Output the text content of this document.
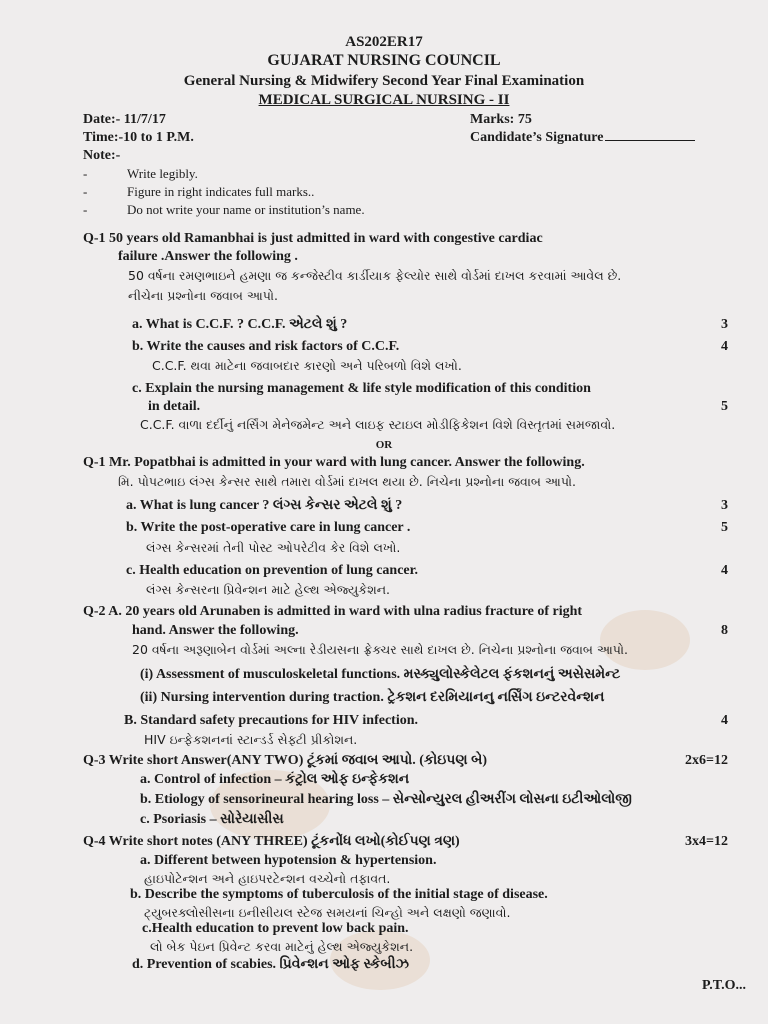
AS202ER17
GUJARAT NURSING COUNCIL
General Nursing & Midwifery Second Year Final Examination
MEDICAL SURGICAL NURSING - II
Date:- 11/7/17	Marks: 75
Time:-10 to 1 P.M.	Candidate’s Signature
Note:-
-	Write legibly.
-	Figure in right indicates full marks..
-	Do not write your name or institution’s name.
Q-1 50 years old Ramanbhai is just admitted in ward with congestive cardiac
failure .Answer the following .
50 વર્ષના રમણભાઇને હમણા જ કન્જેસ્ટીવ કાર્ડીયાક ફેલ્યોર સાથે વોર્ડમાં દાખલ કરવામાં આવેલ છે.
નીચેના પ્રશ્નોના જવાબ આપો.
a. What is C.C.F. ? C.C.F. એટલે શું ?	3
b. Write the causes and risk factors of C.C.F.	4
C.C.F. થવા માટેના જવાબદાર કારણો અને પરિબળો વિશે લખો.
c. Explain the nursing management & life style modification of this condition
in detail.	5
C.C.F. વાળા દર્દીનું નર્સિંગ મેનેજમેન્ટ અને લાઇફ સ્ટાઇલ મોડીફિકેશન વિશે વિસ્તૃતમાં સમજાવો.
OR
Q-1 Mr. Popatbhai is admitted in your ward with lung cancer. Answer the following.
મિ. પોપટભાઇ લંગ્સ કેન્સર સાથે તમારા વોર્ડમાં દાખલ થયા છે. નિચેના પ્રશ્નોના જવાબ આપો.
a. What is lung cancer ? લંગ્સ કેન્સર એટલે શું ?	3
b. Write the post-operative care in lung cancer .	5
લંગ્સ કેન્સરમાં તેની પોસ્ટ ઓપરેટીવ કેર વિશે લખો.
c. Health education on prevention of lung cancer.	4
લંગ્સ કેન્સરના પ્રિવેન્શન માટે હેલ્થ એજ્યુકેશન.
Q-2 A. 20 years old Arunaben is admitted in ward with ulna radius fracture of right
hand. Answer the following.	8
20 વર્ષના અરૂણાબેન વોર્ડમાં અલ્ના રેડીયસના ફ્રેક્ચર સાથે દાખલ છે. નિચેના પ્રશ્નોના જવાબ આપો.
(i) Assessment of musculoskeletal functions. મસ્ક્યુલોસ્કેલેટલ ફંકશનનું અસેસમેન્ટ
(ii) Nursing intervention during traction. ટ્રેકશન દરમિયાનનુ નર્સિંગ ઇન્ટરવેન્શન
B. Standard safety precautions for HIV infection.	4
HIV ઇન્ફેકશનનાં સ્ટાન્ડર્ડ સેફ્ટી પ્રીકોશન.
Q-3 Write short Answer(ANY TWO) ટૂંકમાં જવાબ આપો. (કોઇપણ બે)	2x6=12
a. Control of infection – કંટ્રોલ ઓફ ઇન્ફેકશન
b. Etiology of sensorineural hearing loss – સેન્સોન્યુરલ હીઅરીંગ લોસના ઇટીઓલોજી
c. Psoriasis – સોરેયાસીસ
Q-4 Write short notes (ANY THREE) ટૂંકનોંધ લખો(કોઈપણ ત્રણ)	3x4=12
a. Different between hypotension & hypertension.
હાઇપોટેન્શન અને હાઇપરટેન્શન વચ્ચેનો તફાવત.
b. Describe the symptoms of tuberculosis of the initial stage of disease.
ટ્યુબરક્લોસીસના ઇનીસીયલ સ્ટેજ સમયનાં ચિન્હો અને લક્ષણો જણાવો.
c.Health education to prevent low back pain.
લો બેક પેઇન પ્રિવેન્ટ કરવા માટેનું હેલ્થ એજ્યુકેશન.
d. Prevention of scabies. પ્રિવેન્શન ઓફ સ્કેબીઝ
P.T.O...
